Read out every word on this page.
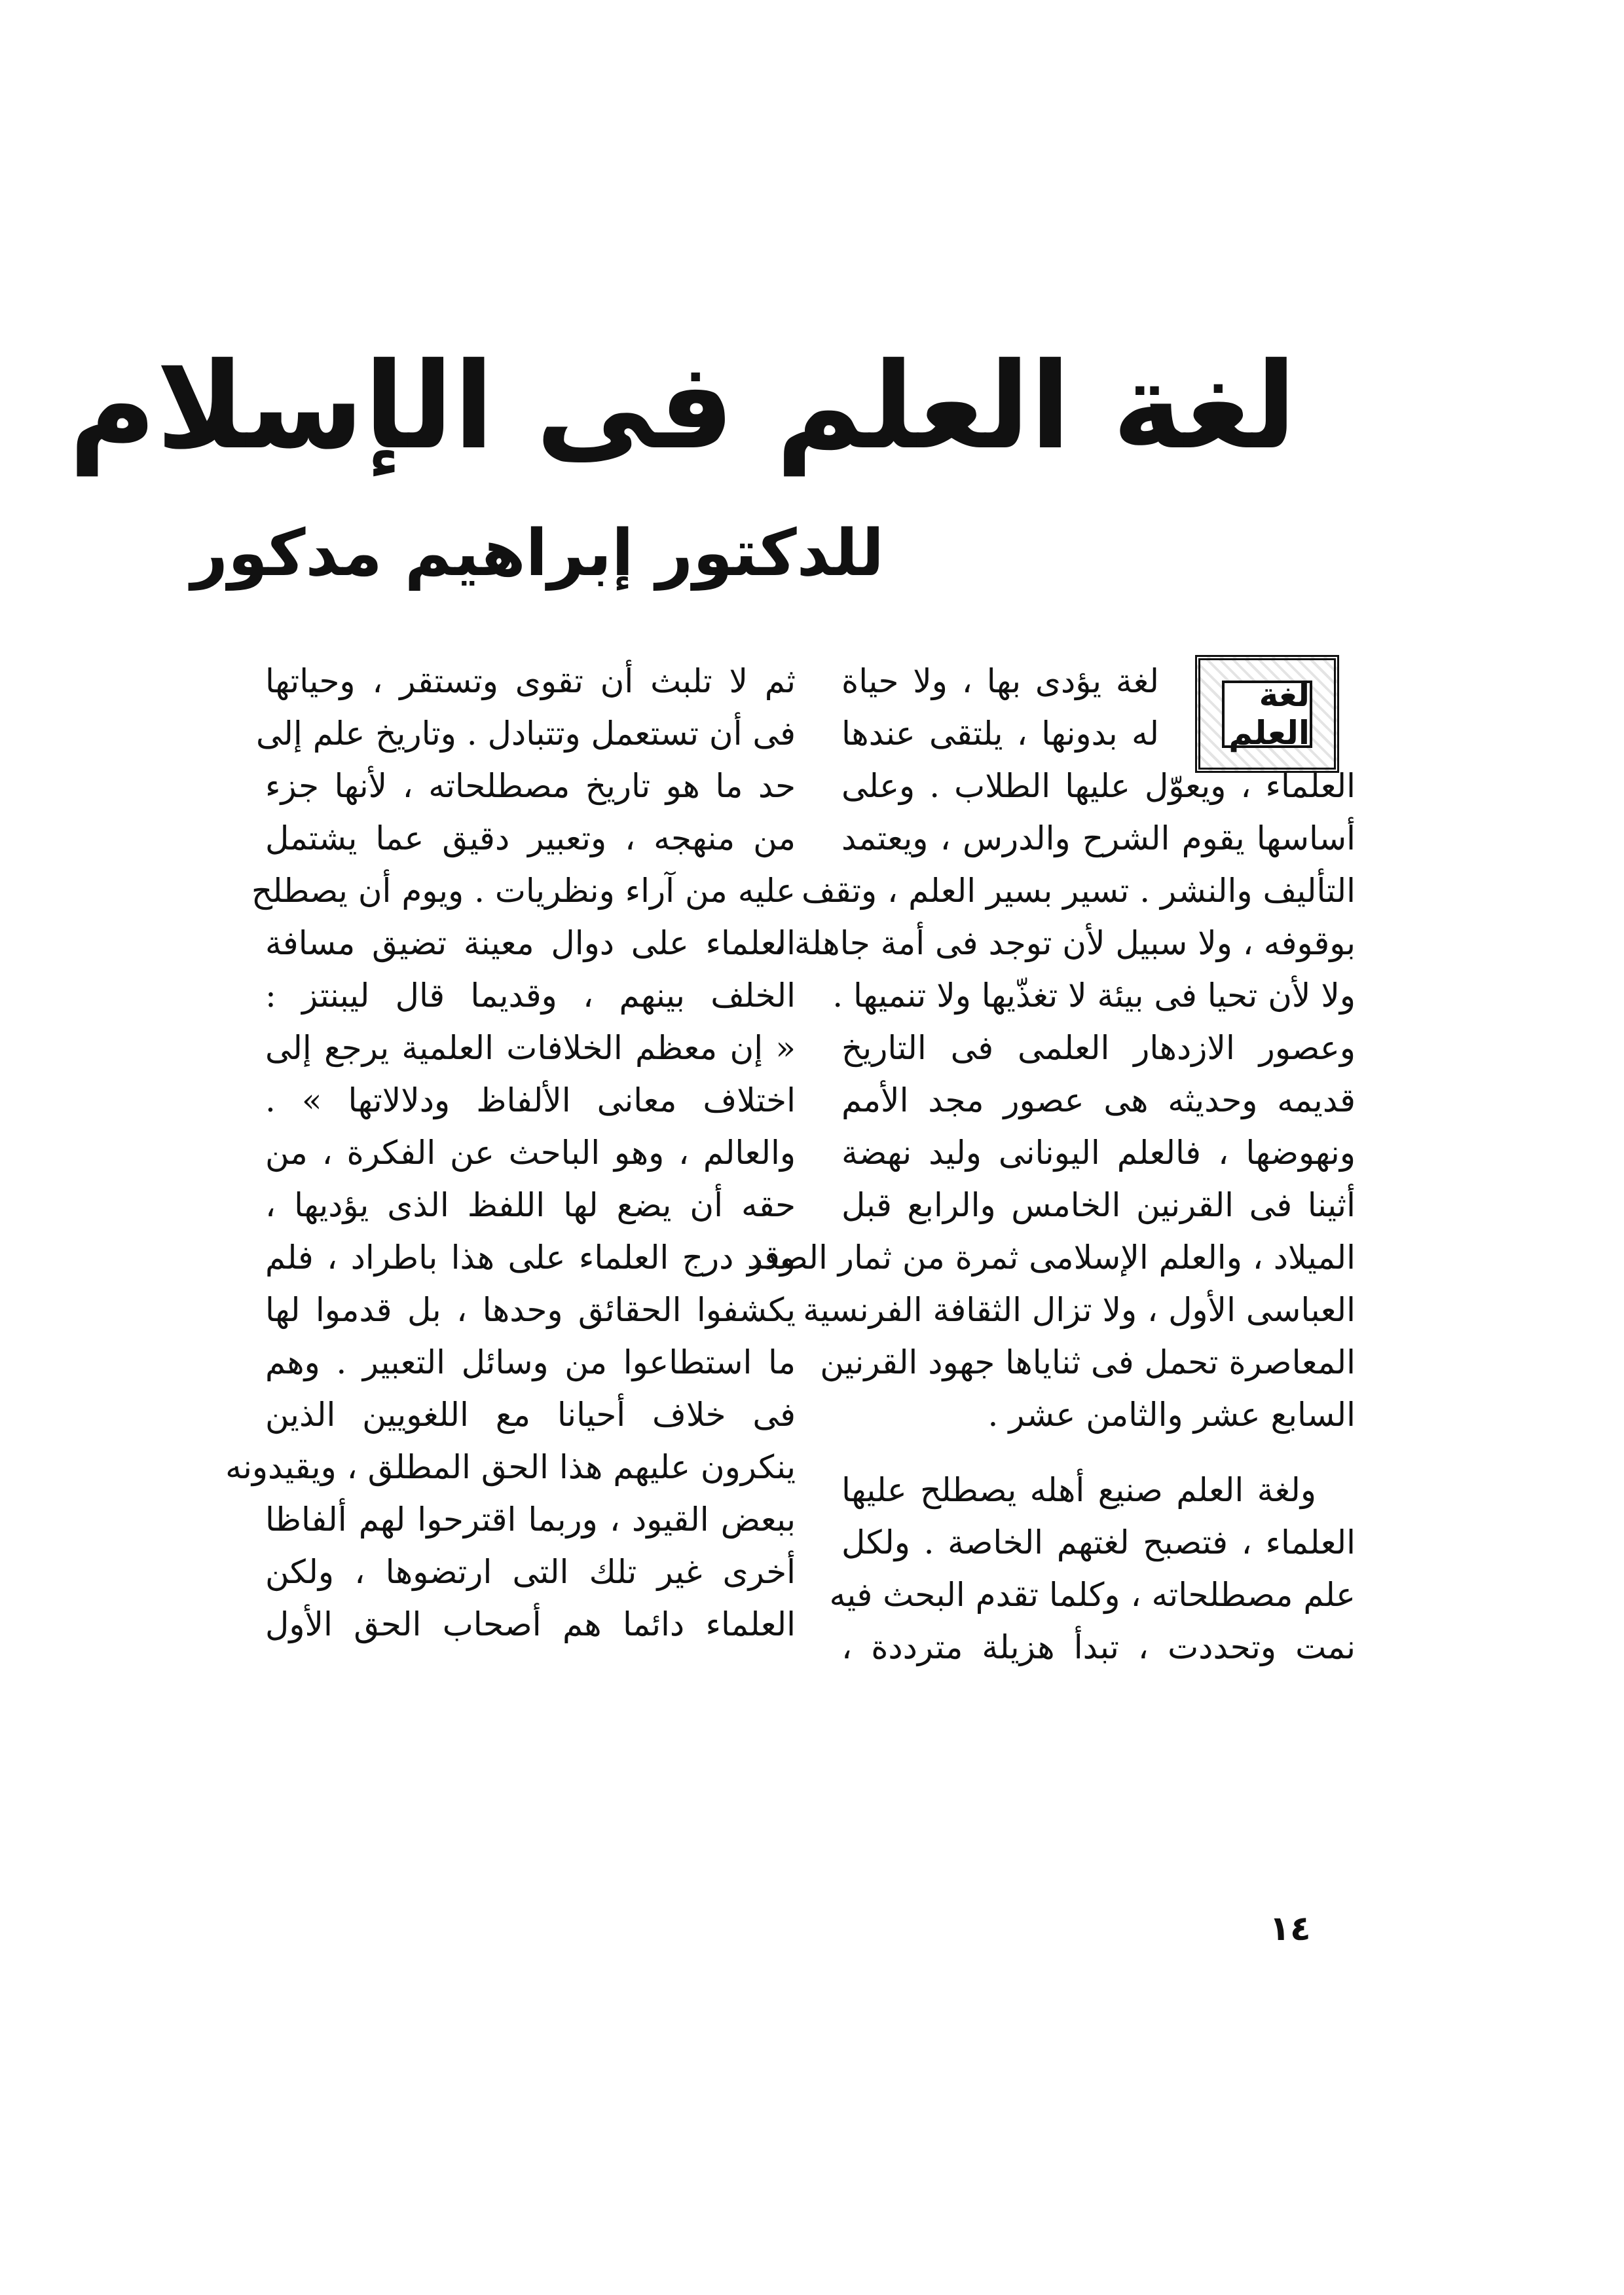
لغة العلم فى الإسلام
للدكتور إبراهيم مدكور
لغة العلم
لغة يؤدى بها ، ولا حياة
له بدونها ، يلتقى عندها
العلماء ، ويعوّل عليها الطلاب . وعلى
أساسها يقوم الشرح والدرس ، ويعتمد
التأليف والنشر . تسير بسير العلم ، وتقف
بوقوفه ، ولا سبيل لأن توجد فى أمة جاهلة ،
ولا لأن تحيا فى بيئة لا تغذّيها ولا تنميها .
وعصور الازدهار العلمى فى التاريخ
قديمه وحديثه هى عصور مجد الأمم
ونهوضها ، فالعلم اليونانى وليد نهضة
أثينا فى القرنين الخامس والرابع قبل
الميلاد ، والعلم الإسلامى ثمرة من ثمار الصدر
العباسى الأول ، ولا تزال الثقافة الفرنسية
المعاصرة تحمل فى ثناياها جهود القرنين
السابع عشر والثامن عشر .
ولغة العلم صنيع أهله يصطلح عليها
العلماء ، فتصبح لغتهم الخاصة . ولكل
علم مصطلحاته ، وكلما تقدم البحث فيه
نمت وتحددت ، تبدأ هزيلة مترددة ،
ثم لا تلبث أن تقوى وتستقر ، وحياتها
فى أن تستعمل وتتبادل . وتاريخ علم إلى
حد ما هو تاريخ مصطلحاته ، لأنها جزء
من منهجه ، وتعبير دقيق عما يشتمل
عليه من آراء ونظريات . ويوم أن يصطلح
العلماء على دوال معينة تضيق مسافة
الخلف بينهم ، وقديما قال ليبنتز :
« إن معظم الخلافات العلمية يرجع إلى
اختلاف معانى الألفاظ ودلالاتها » .
والعالم ، وهو الباحث عن الفكرة ، من
حقه أن يضع لها اللفظ الذى يؤديها ،
وقد درج العلماء على هذا باطراد ، فلم
يكشفوا الحقائق وحدها ، بل قدموا لها
ما استطاعوا من وسائل التعبير . وهم
فى خلاف أحيانا مع اللغويين الذين
ينكرون عليهم هذا الحق المطلق ، ويقيدونه
ببعض القيود ، وربما اقترحوا لهم ألفاظا
أخرى غير تلك التى ارتضوها ، ولكن
العلماء دائما هم أصحاب الحق الأول
١٤
